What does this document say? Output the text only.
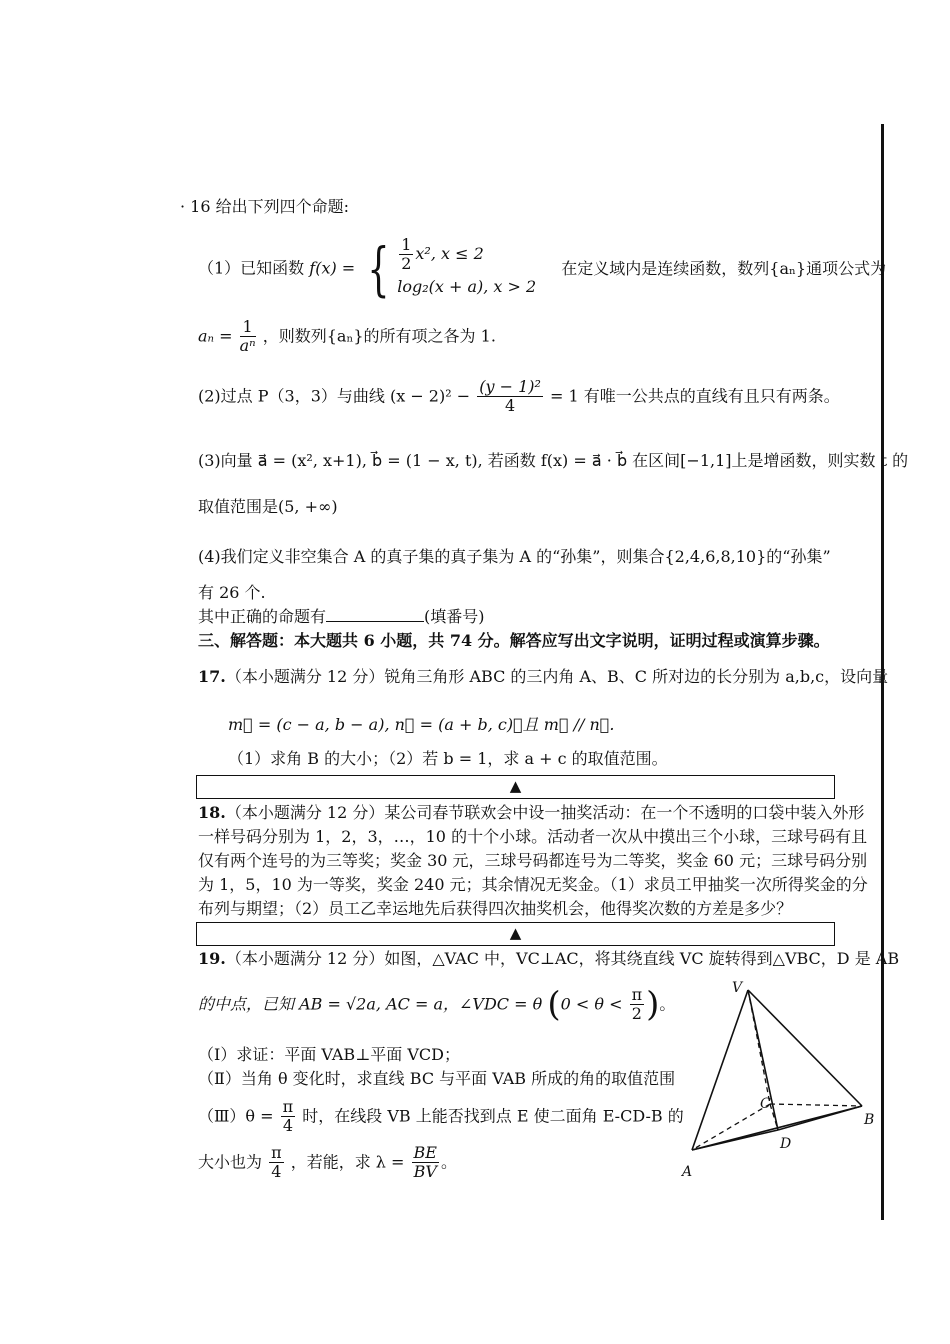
· 16 给出下列四个命题:
（1）已知函数 f(x) = { $\frac{1}{2} x^2$, x ≤ 2
log₂(x + a), x > 2
在定义域内是连续函数，数列{aₙ}通项公式为
$a_n = \frac{1}{\text{aⁿ}}$ ，则数列{aₙ}的所有项之各为 1.
(2)过点 P（3，3）与曲线 $(x - 2)^2 - \frac{\text{(y − 1)²}}{4} = 1$ 有唯一公共点的直线有且只有两条。
(3)向量 a⃗ = (x², x+1), b⃗ = (1 − x, t), 若函数 f(x) = a⃗ · b⃗ 在区间[−1,1]上是增函数，则实数 t 的
取值范围是(5, +∞)
(4)我们定义非空集合 A 的真子集的真子集为 A 的“孙集”，则集合{2,4,6,8,10}的“孙集”
有 26 个.
其中正确的命题有	(填番号)
三、解答题：本大题共 6 小题，共 74 分。解答应写出文字说明，证明过程或演算步骤。
17.（本小题满分 12 分）锐角三角形 ABC 的三内角 A、B、C 所对边的长分别为 a,b,c，设向量
m⃗ = (c − a, b − a), n⃗ = (a + b, c)，且 m⃗ // n⃗.
（1）求角 B 的大小；（2）若 b = 1，求 a + c 的取值范围。
▲
18.（本小题满分 12 分）某公司春节联欢会中设一抽奖活动：在一个不透明的口袋中装入外形
一样号码分别为 1，2，3，…，10 的十个小球。活动者一次从中摸出三个小球，三球号码有且
仅有两个连号的为三等奖；奖金 30 元，三球号码都连号为二等奖，奖金 60 元；三球号码分别
为 1，5，10 为一等奖，奖金 240 元；其余情况无奖金。（1）求员工甲抽奖一次所得奖金的分
布列与期望；（2）员工乙幸运地先后获得四次抽奖机会，他得奖次数的方差是多少？
▲
19.（本小题满分 12 分）如图，△VAC 中，VC⊥AC，将其绕直线 VC 旋转得到△VBC，D 是 AB
的中点，已知 AB = √2a, AC = a，∠VDC = θ ($0 < \theta < \frac{\pi}{2}$ )。
（Ⅰ）求证：平面 VAB⊥平面 VCD；
（Ⅱ）当角 θ 变化时，求直线 BC 与平面 VAB 所成的角的取值范围
（Ⅲ）θ = $\frac{\pi}{4}$ 时，在线段 VB 上能否找到点 E 使二面角 E-CD-B 的
大小也为 $\frac{\pi}{4}$ ，若能，求 $\lambda = \frac{BE}{BV}$ 。
V
C
B
D
A
